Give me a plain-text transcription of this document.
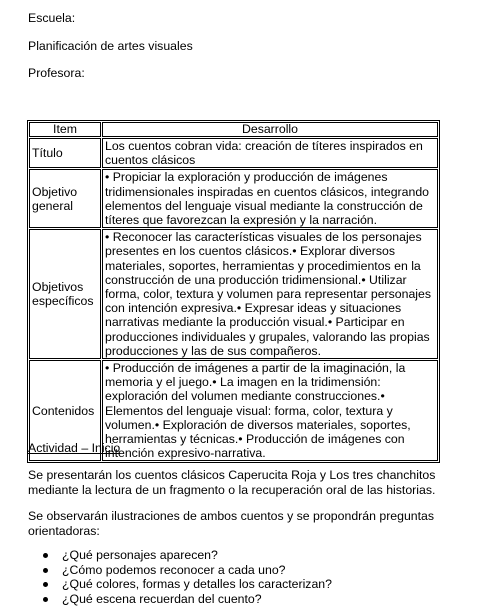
Escuela:

Planificación de artes visuales

Profesora:

Item	Desarrollo
Título	Los cuentos cobran vida: creación de títeres inspirados en cuentos clásicos
Objetivo general	• Propiciar la exploración y producción de imágenes tridimensionales inspiradas en cuentos clásicos, integrando elementos del lenguaje visual mediante la construcción de títeres que favorezcan la expresión y la narración.
Objetivos específicos	• Reconocer las características visuales de los personajes presentes en los cuentos clásicos.• Explorar diversos materiales, soportes, herramientas y procedimientos en la construcción de una producción tridimensional.• Utilizar forma, color, textura y volumen para representar personajes con intención expresiva.• Expresar ideas y situaciones narrativas mediante la producción visual.• Participar en producciones individuales y grupales, valorando las propias producciones y las de sus compañeros.
Contenidos	• Producción de imágenes a partir de la imaginación, la memoria y el juego.• La imagen en la tridimensión: exploración del volumen mediante construcciones.• Elementos del lenguaje visual: forma, color, textura y volumen.• Exploración de diversos materiales, soportes, herramientas y técnicas.• Producción de imágenes con intención expresivo-narrativa.

Actividad – Inicio

Se presentarán los cuentos clásicos Caperucita Roja y Los tres chanchitos mediante la lectura de un fragmento o la recuperación oral de las historias.

Se observarán ilustraciones de ambos cuentos y se propondrán preguntas orientadoras:

¿Qué personajes aparecen?
¿Cómo podemos reconocer a cada uno?
¿Qué colores, formas y detalles los caracterizan?
¿Qué escena recuerdan del cuento?
